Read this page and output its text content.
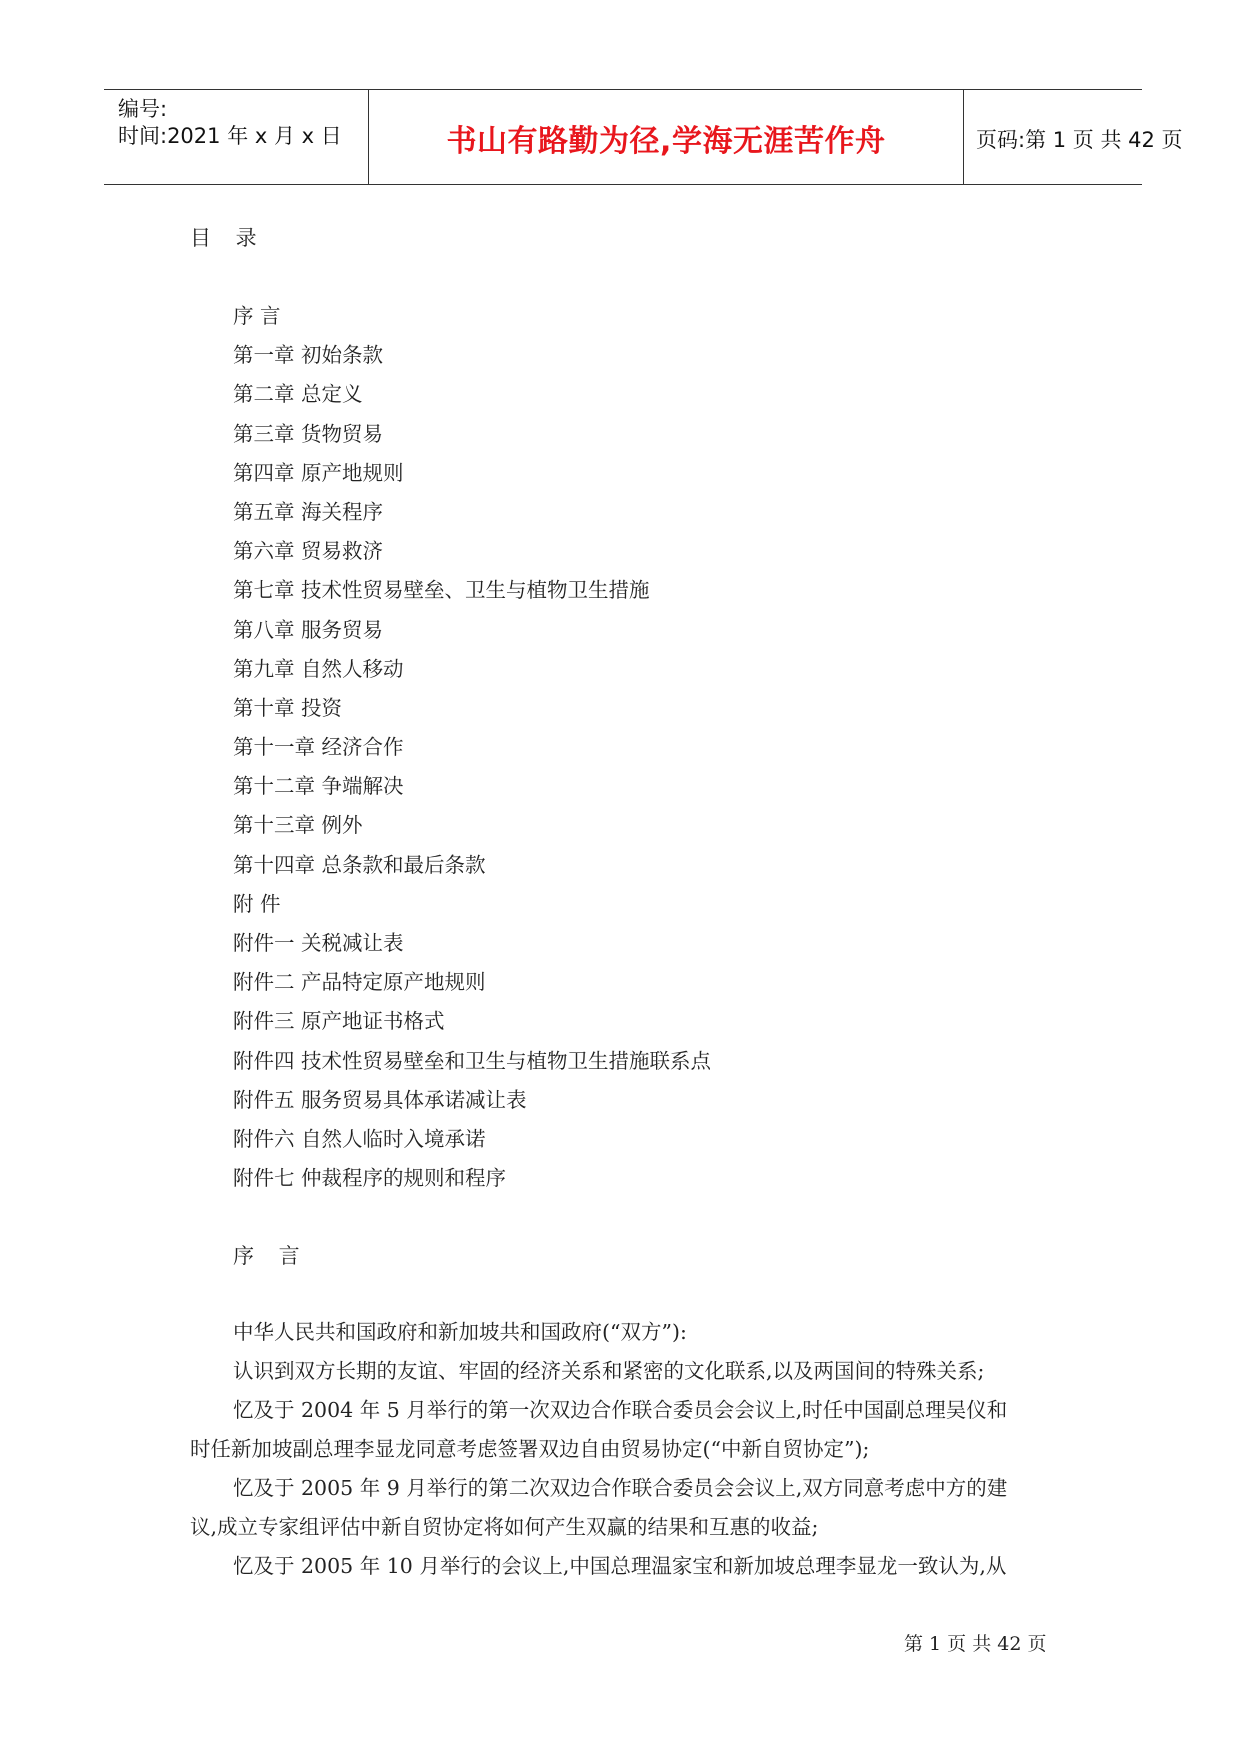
编号:
时间:2021 年 x 月 x 日	书山有路勤为径,学海无涯苦作舟	页码:第 1 页 共 42 页
目 录
序 言
第一章 初始条款
第二章 总定义
第三章 货物贸易
第四章 原产地规则
第五章 海关程序
第六章 贸易救济
第七章 技术性贸易壁垒、卫生与植物卫生措施
第八章 服务贸易
第九章 自然人移动
第十章 投资
第十一章 经济合作
第十二章 争端解决
第十三章 例外
第十四章 总条款和最后条款
附 件
附件一 关税减让表
附件二 产品特定原产地规则
附件三 原产地证书格式
附件四 技术性贸易壁垒和卫生与植物卫生措施联系点
附件五 服务贸易具体承诺减让表
附件六 自然人临时入境承诺
附件七 仲裁程序的规则和程序
序 言
中华人民共和国政府和新加坡共和国政府(“双方”):
认识到双方长期的友谊、牢固的经济关系和紧密的文化联系,以及两国间的特殊关系;
忆及于 2004 年 5 月举行的第一次双边合作联合委员会会议上,时任中国副总理吴仪和
时任新加坡副总理李显龙同意考虑签署双边自由贸易协定(“中新自贸协定”);
忆及于 2005 年 9 月举行的第二次双边合作联合委员会会议上,双方同意考虑中方的建
议,成立专家组评估中新自贸协定将如何产生双赢的结果和互惠的收益;
忆及于 2005 年 10 月举行的会议上,中国总理温家宝和新加坡总理李显龙一致认为,从
第 1 页 共 42 页
